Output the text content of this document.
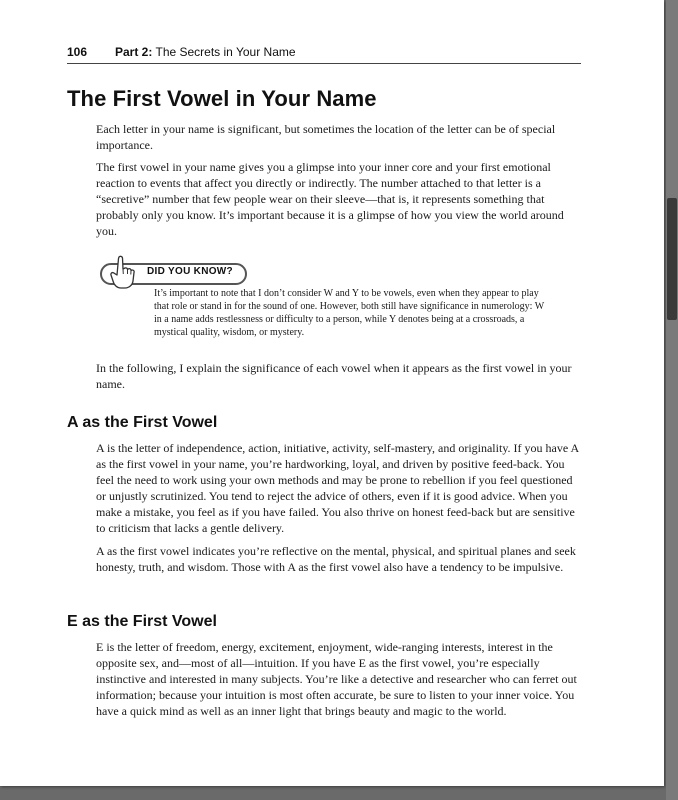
106 Part 2: The Secrets in Your Name
The First Vowel in Your Name

Each letter in your name is significant, but sometimes the location of the letter can be of special importance.

The first vowel in your name gives you a glimpse into your inner core and your first emotional reaction to events that affect you directly or indirectly. The number attached to that letter is a “secretive” number that few people wear on their sleeve—that is, it represents something that probably only you know. It’s important because it is a glimpse of how you view the world around you.

DID YOU KNOW?

It’s important to note that I don’t consider W and Y to be vowels, even when they appear to play that role or stand in for the sound of one. However, both still have significance in numerology: W in a name adds restlessness or difficulty to a person, while Y denotes being at a crossroads, a mystical quality, wisdom, or mystery.

In the following, I explain the significance of each vowel when it appears as the first vowel in your name.

A as the First Vowel

A is the letter of independence, action, initiative, activity, self-mastery, and originality. If you have A as the first vowel in your name, you’re hardworking, loyal, and driven by positive feed-back. You feel the need to work using your own methods and may be prone to rebellion if you feel questioned or unjustly scrutinized. You tend to reject the advice of others, even if it is good advice. When you make a mistake, you feel as if you have failed. You also thrive on honest feed-back but are sensitive to criticism that lacks a gentle delivery.

A as the first vowel indicates you’re reflective on the mental, physical, and spiritual planes and seek honesty, truth, and wisdom. Those with A as the first vowel also have a tendency to be impulsive.

E as the First Vowel

E is the letter of freedom, energy, excitement, enjoyment, wide-ranging interests, interest in the opposite sex, and—most of all—intuition. If you have E as the first vowel, you’re especially instinctive and interested in many subjects. You’re like a detective and researcher who can ferret out information; because your intuition is most often accurate, be sure to listen to your inner voice. You have a quick mind as well as an inner light that brings beauty and magic to the world.
